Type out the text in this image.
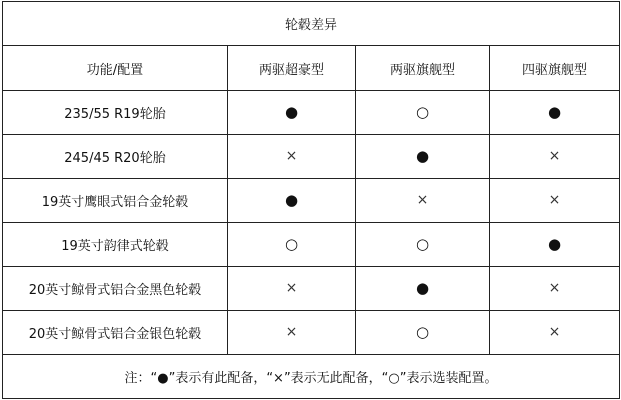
轮毂差异			
功能/配置	两驱超豪型	两驱旗舰型	四驱旗舰型
235/55 R19轮胎	●	○	●
245/45 R20轮胎	×	●	×
19英寸鹰眼式铝合金轮毂	●	×	×
19英寸韵律式轮毂	○	○	●
20英寸鲸骨式铝合金黑色轮毂	×	●	×
20英寸鲸骨式铝合金银色轮毂	×	○	×
注：“●”表示有此配备，“×”表示无此配备，“○”表示选装配置。			
